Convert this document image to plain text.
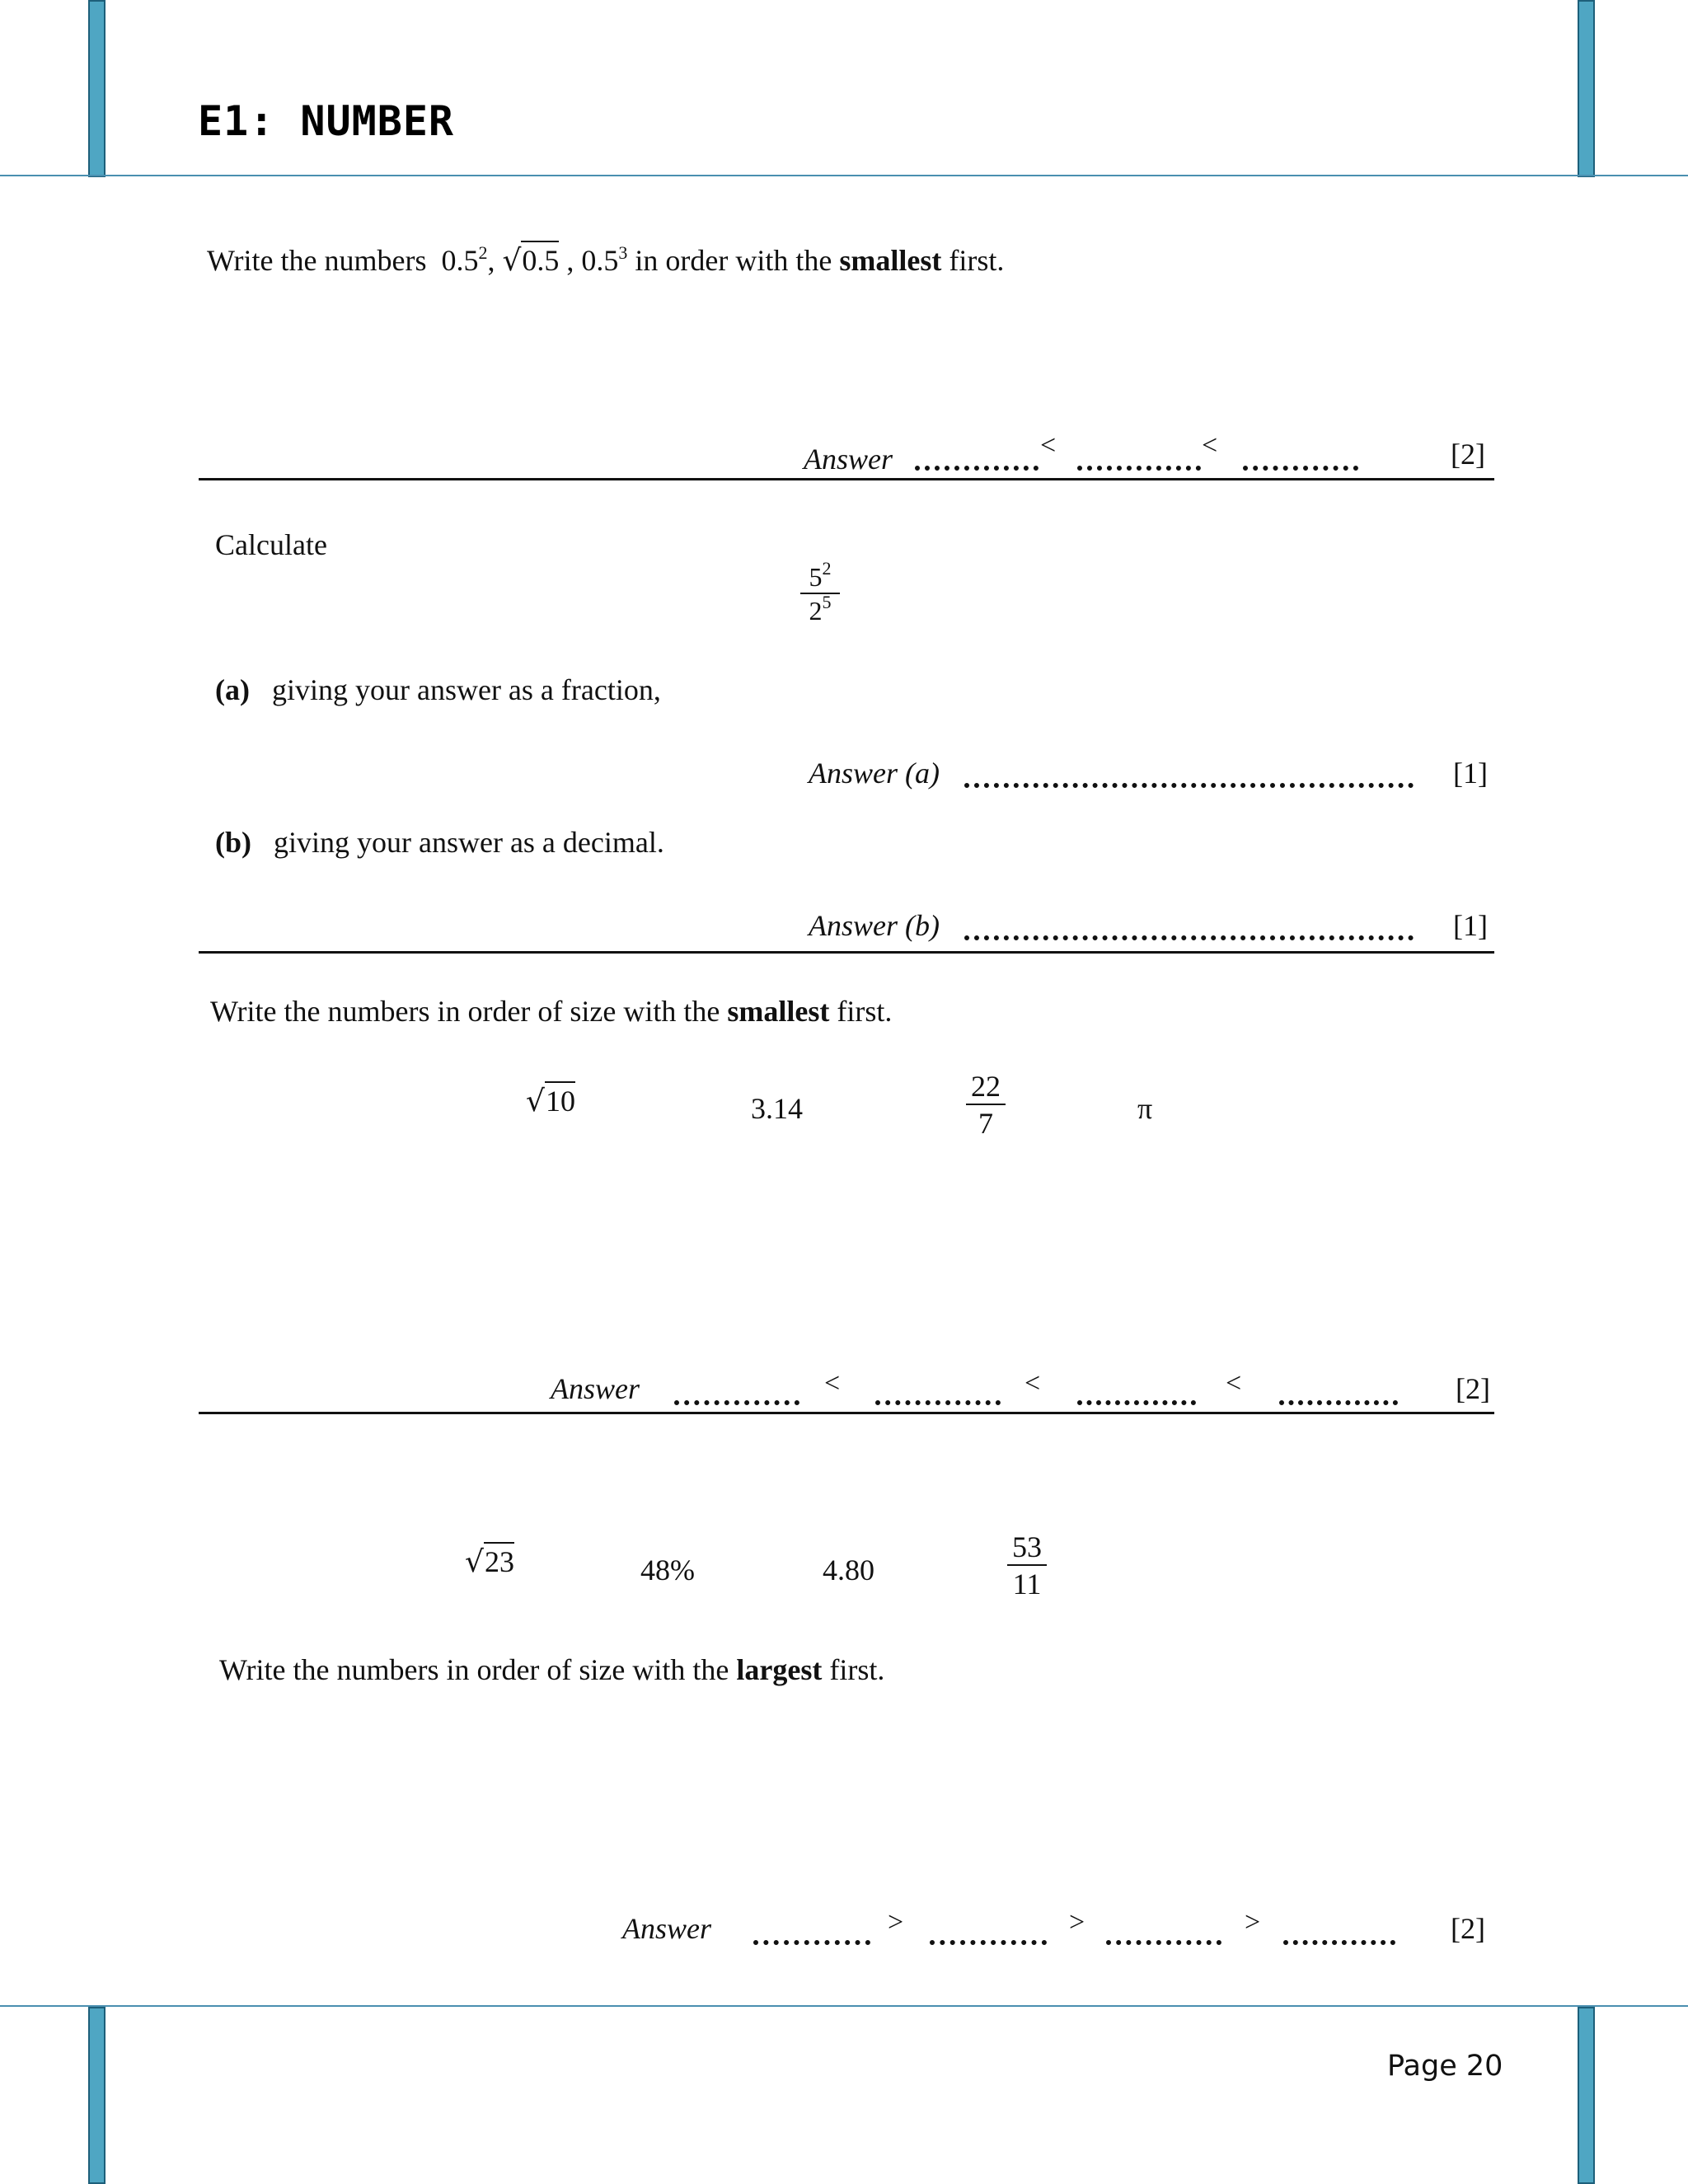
E1: NUMBER
Page 20
Write the numbers $0.5^2$, √0.5 , $0.5^3$ in order with the smallest first.
Answer	<	<	[2]
Calculate
$\frac{5^2}{2^5}$
(a) giving your answer as a fraction,
Answer (a)	[1]
(b) giving your answer as a decimal.
Answer (b)	[1]
Write the numbers in order of size with the smallest first.
√10	3.14	$\frac{22}{7}$	π
Answer	<	<	<	[2]
√23	48%	4.80	$\frac{53}{11}$
Write the numbers in order of size with the largest first.
Answer	>	>	>	[2]
